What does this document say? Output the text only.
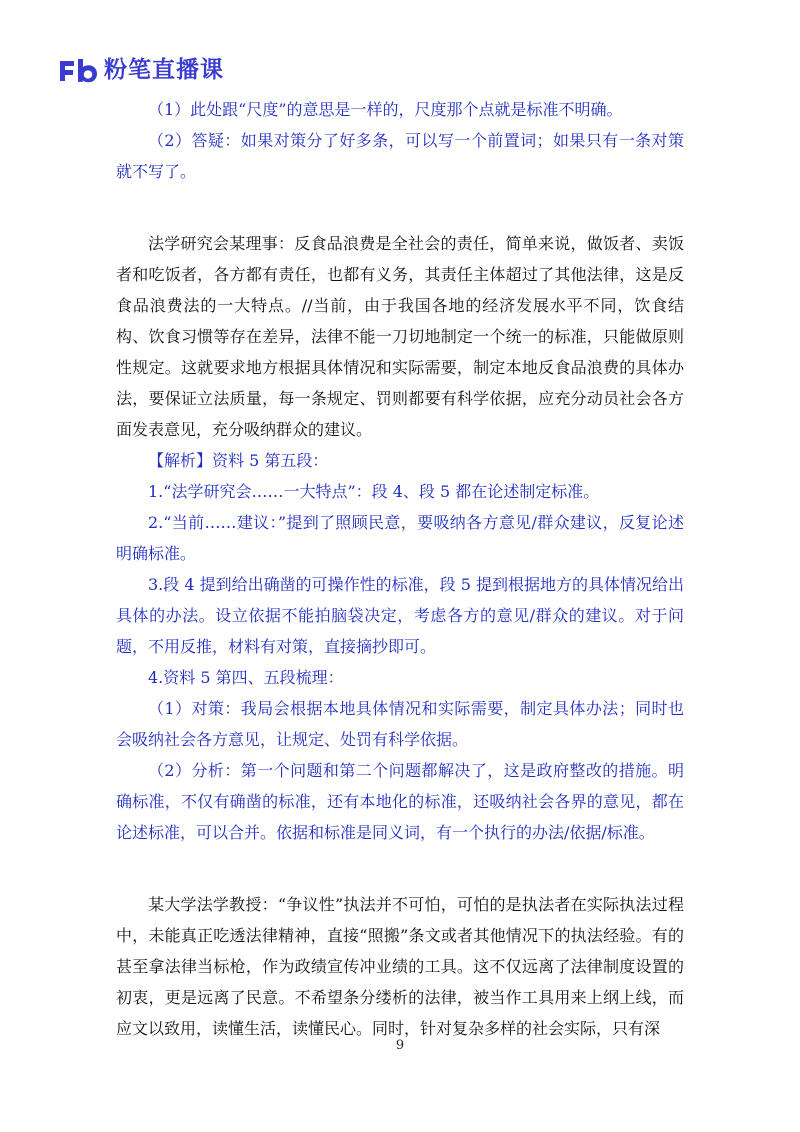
粉笔直播课

（1）此处跟“尺度”的意思是一样的，尺度那个点就是标准不明确。

（2）答疑：如果对策分了好多条，可以写一个前置词；如果只有一条对策就不写了。

法学研究会某理事：反食品浪费是全社会的责任，简单来说，做饭者、卖饭者和吃饭者，各方都有责任，也都有义务，其责任主体超过了其他法律，这是反食品浪费法的一大特点。//当前，由于我国各地的经济发展水平不同，饮食结构、饮食习惯等存在差异，法律不能一刀切地制定一个统一的标准，只能做原则性规定。这就要求地方根据具体情况和实际需要，制定本地反食品浪费的具体办法，要保证立法质量，每一条规定、罚则都要有科学依据，应充分动员社会各方面发表意见，充分吸纳群众的建议。

【解析】资料 5 第五段：

1.“法学研究会……一大特点”：段 4、段 5 都在论述制定标准。

2.“当前……建议：”提到了照顾民意，要吸纳各方意见/群众建议，反复论述明确标准。

3.段 4 提到给出确凿的可操作性的标准，段 5 提到根据地方的具体情况给出具体的办法。设立依据不能拍脑袋决定，考虑各方的意见/群众的建议。对于问题，不用反推，材料有对策，直接摘抄即可。

4.资料 5 第四、五段梳理：

（1）对策：我局会根据本地具体情况和实际需要，制定具体办法；同时也会吸纳社会各方意见，让规定、处罚有科学依据。

（2）分析：第一个问题和第二个问题都解决了，这是政府整改的措施。明确标准，不仅有确凿的标准，还有本地化的标准，还吸纳社会各界的意见，都在论述标准，可以合并。依据和标准是同义词，有一个执行的办法/依据/标准。

某大学法学教授：“争议性”执法并不可怕，可怕的是执法者在实际执法过程中，未能真正吃透法律精神，直接“照搬”条文或者其他情况下的执法经验。有的甚至拿法律当标枪，作为政绩宣传冲业绩的工具。这不仅远离了法律制度设置的初衷，更是远离了民意。不希望条分缕析的法律，被当作工具用来上纲上线，而应文以致用，读懂生活，读懂民心。同时，针对复杂多样的社会实际，只有深

9
